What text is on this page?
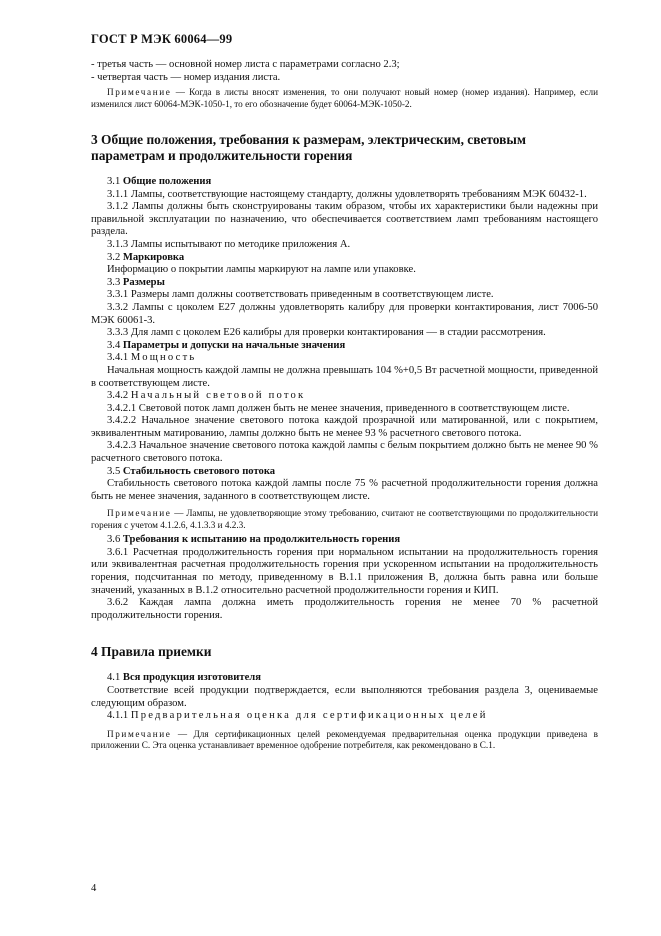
ГОСТ Р МЭК 60064—99

- третья часть — основной номер листа с параметрами согласно 2.3;

- четвертая часть — номер издания листа.

Примечание — Когда в листы вносят изменения, то они получают новый номер (номер издания). Например, если изменился лист 60064-МЭК-1050-1, то его обозначение будет 60064-МЭК-1050-2.

3 Общие положения, требования к размерам, электрическим, световым параметрам и продолжительности горения

3.1 Общие положения

3.1.1 Лампы, соответствующие настоящему стандарту, должны удовлетворять требованиям МЭК 60432-1.

3.1.2 Лампы должны быть сконструированы таким образом, чтобы их характеристики были надежны при правильной эксплуатации по назначению, что обеспечивается соответствием ламп требованиям настоящего раздела.

3.1.3 Лампы испытывают по методике приложения А.

3.2 Маркировка

Информацию о покрытии лампы маркируют на лампе или упаковке.

3.3 Размеры

3.3.1 Размеры ламп должны соответствовать приведенным в соответствующем листе.

3.3.2 Лампы с цоколем Е27 должны удовлетворять калибру для проверки контактирования, лист 7006-50 МЭК 60061-3.

3.3.3 Для ламп с цоколем Е26 калибры для проверки контактирования — в стадии рассмотрения.

3.4 Параметры и допуски на начальные значения

3.4.1 Мощность

Начальная мощность каждой лампы не должна превышать 104 %+0,5 Вт расчетной мощности, приведенной в соответствующем листе.

3.4.2 Начальный световой поток

3.4.2.1 Световой поток ламп должен быть не менее значения, приведенного в соответствующем листе.

3.4.2.2 Начальное значение светового потока каждой прозрачной или матированной, или с покрытием, эквивалентным матированию, лампы должно быть не менее 93 % расчетного светового потока.

3.4.2.3 Начальное значение светового потока каждой лампы с белым покрытием должно быть не менее 90 % расчетного светового потока.

3.5 Стабильность светового потока

Стабильность светового потока каждой лампы после 75 % расчетной продолжительности горения должна быть не менее значения, заданного в соответствующем листе.

Примечание — Лампы, не удовлетворяющие этому требованию, считают не соответствующими по продолжительности горения с учетом 4.1.2.6, 4.1.3.3 и 4.2.3.

3.6 Требования к испытанию на продолжительность горения

3.6.1 Расчетная продолжительность горения при нормальном испытании на продолжительность горения или эквивалентная расчетная продолжительность горения при ускоренном испытании на продолжительность горения, подсчитанная по методу, приведенному в В.1.1 приложения В, должна быть равна или больше значений, указанных в В.1.2 относительно расчетной продолжительности горения и КИП.

3.6.2 Каждая лампа должна иметь продолжительность горения не менее 70 % расчетной продолжительности горения.

4 Правила приемки

4.1 Вся продукция изготовителя

Соответствие всей продукции подтверждается, если выполняются требования раздела 3, оцениваемые следующим образом.

4.1.1 Предварительная оценка для сертификационных целей

Примечание — Для сертификационных целей рекомендуемая предварительная оценка продукции приведена в приложении С. Эта оценка устанавливает временное одобрение потребителя, как рекомендовано в С.1.

4
